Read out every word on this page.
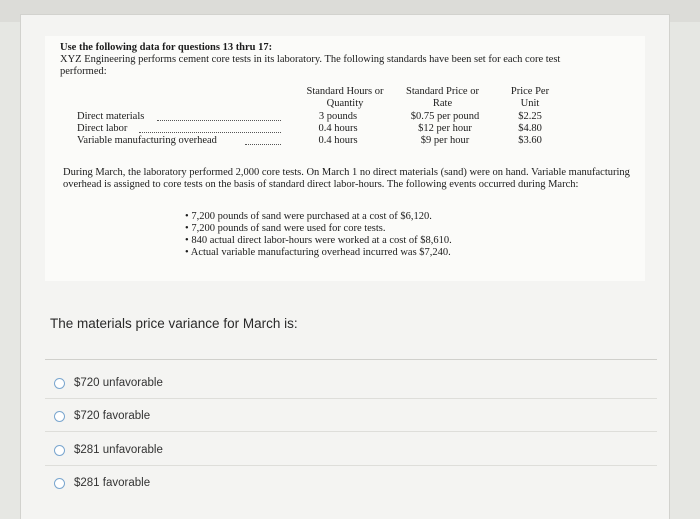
Use the following data for questions 13 thru 17:
XYZ Engineering performs cement core tests in its laboratory. The following standards have been set for each core test
performed:
Standard Hours or
Quantity
Standard Price or
Rate
Price Per
Unit
Direct materials	3 pounds	$0.75 per pound	$2.25
Direct labor	0.4 hours	$12 per hour	$4.80
Variable manufacturing overhead	0.4 hours	$9 per hour	$3.60
During March, the laboratory performed 2,000 core tests. On March 1 no direct materials (sand) were on hand. Variable manufacturing overhead is assigned to core tests on the basis of standard direct labor-hours. The following events occurred during March:
• 7,200 pounds of sand were purchased at a cost of $6,120.
• 7,200 pounds of sand were used for core tests.
• 840 actual direct labor-hours were worked at a cost of $8,610.
• Actual variable manufacturing overhead incurred was $7,240.
The materials price variance for March is:
$720 unfavorable
$720 favorable
$281 unfavorable
$281 favorable
